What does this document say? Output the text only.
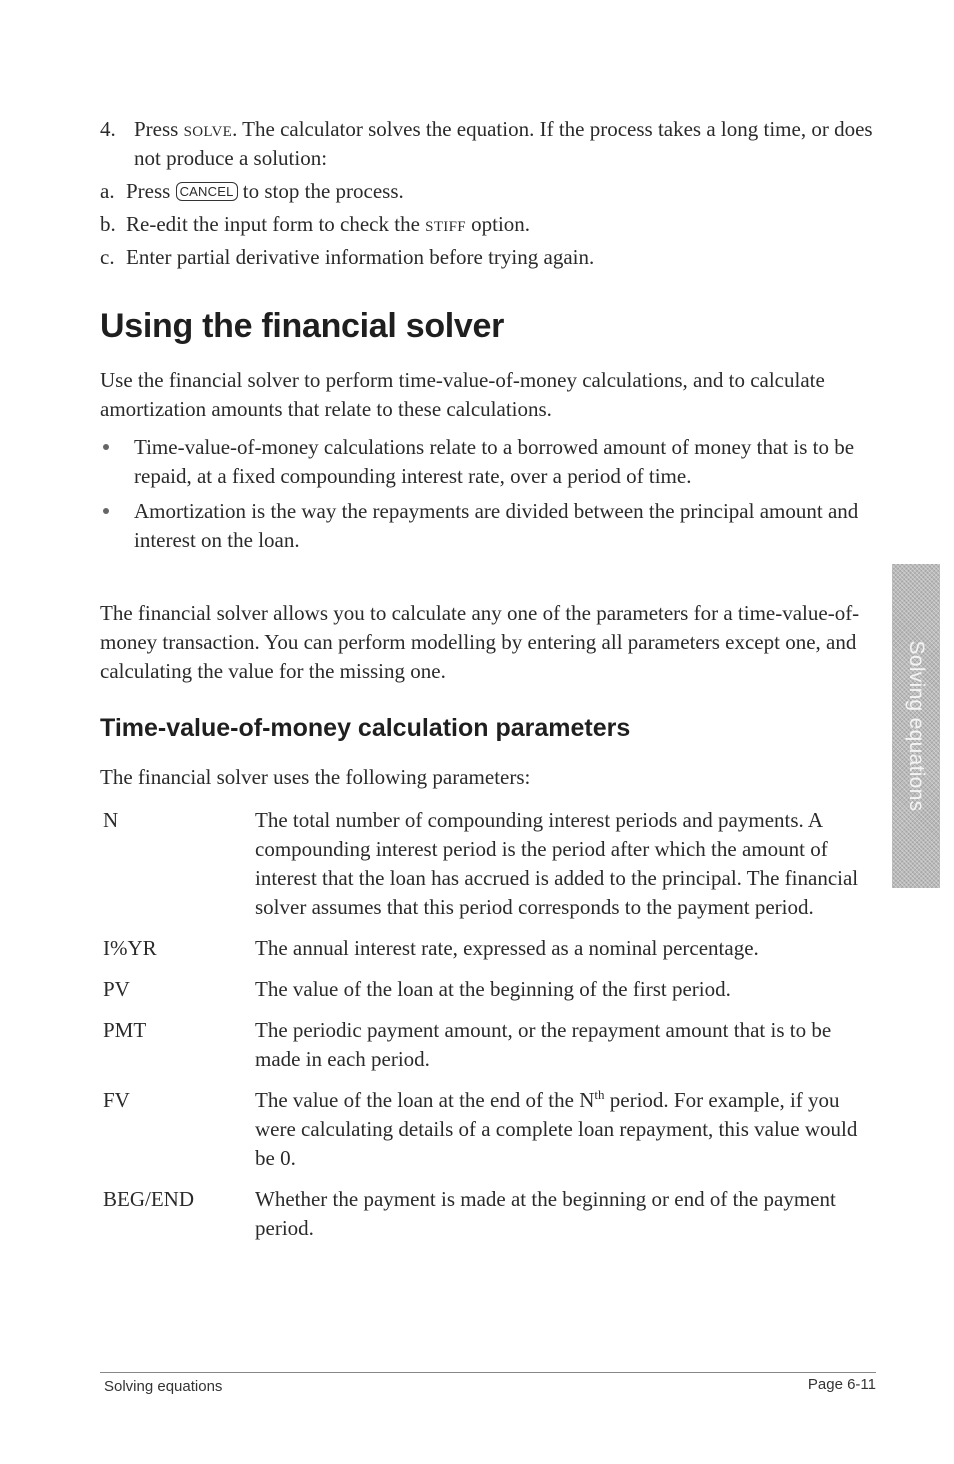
4. Press solve. The calculator solves the equation. If the process takes a long time, or does not produce a solution:
a. Press CANCEL to stop the process.
b. Re-edit the input form to check the stiff option.
c. Enter partial derivative information before trying again.
Using the financial solver
Use the financial solver to perform time-value-of-money calculations, and to calculate amortization amounts that relate to these calculations.
Time-value-of-money calculations relate to a borrowed amount of money that is to be repaid, at a fixed compounding interest rate, over a period of time.
Amortization is the way the repayments are divided between the principal amount and interest on the loan.
The financial solver allows you to calculate any one of the parameters for a time-value-of-money transaction. You can perform modelling by entering all parameters except one, and calculating the value for the missing one.
Time-value-of-money calculation parameters
The financial solver uses the following parameters:
N	The total number of compounding interest periods and payments. A compounding interest period is the period after which the amount of interest that the loan has accrued is added to the principal. The financial solver assumes that this period corresponds to the payment period.
I%YR	The annual interest rate, expressed as a nominal percentage.
PV	The value of the loan at the beginning of the first period.
PMT	The periodic payment amount, or the repayment amount that is to be made in each period.
FV	The value of the loan at the end of the $N^{th}$ period. For example, if you were calculating details of a complete loan repayment, this value would be 0.
BEG/END	Whether the payment is made at the beginning or end of the payment period.
Solving equations
Solving equations	Page 6-11
